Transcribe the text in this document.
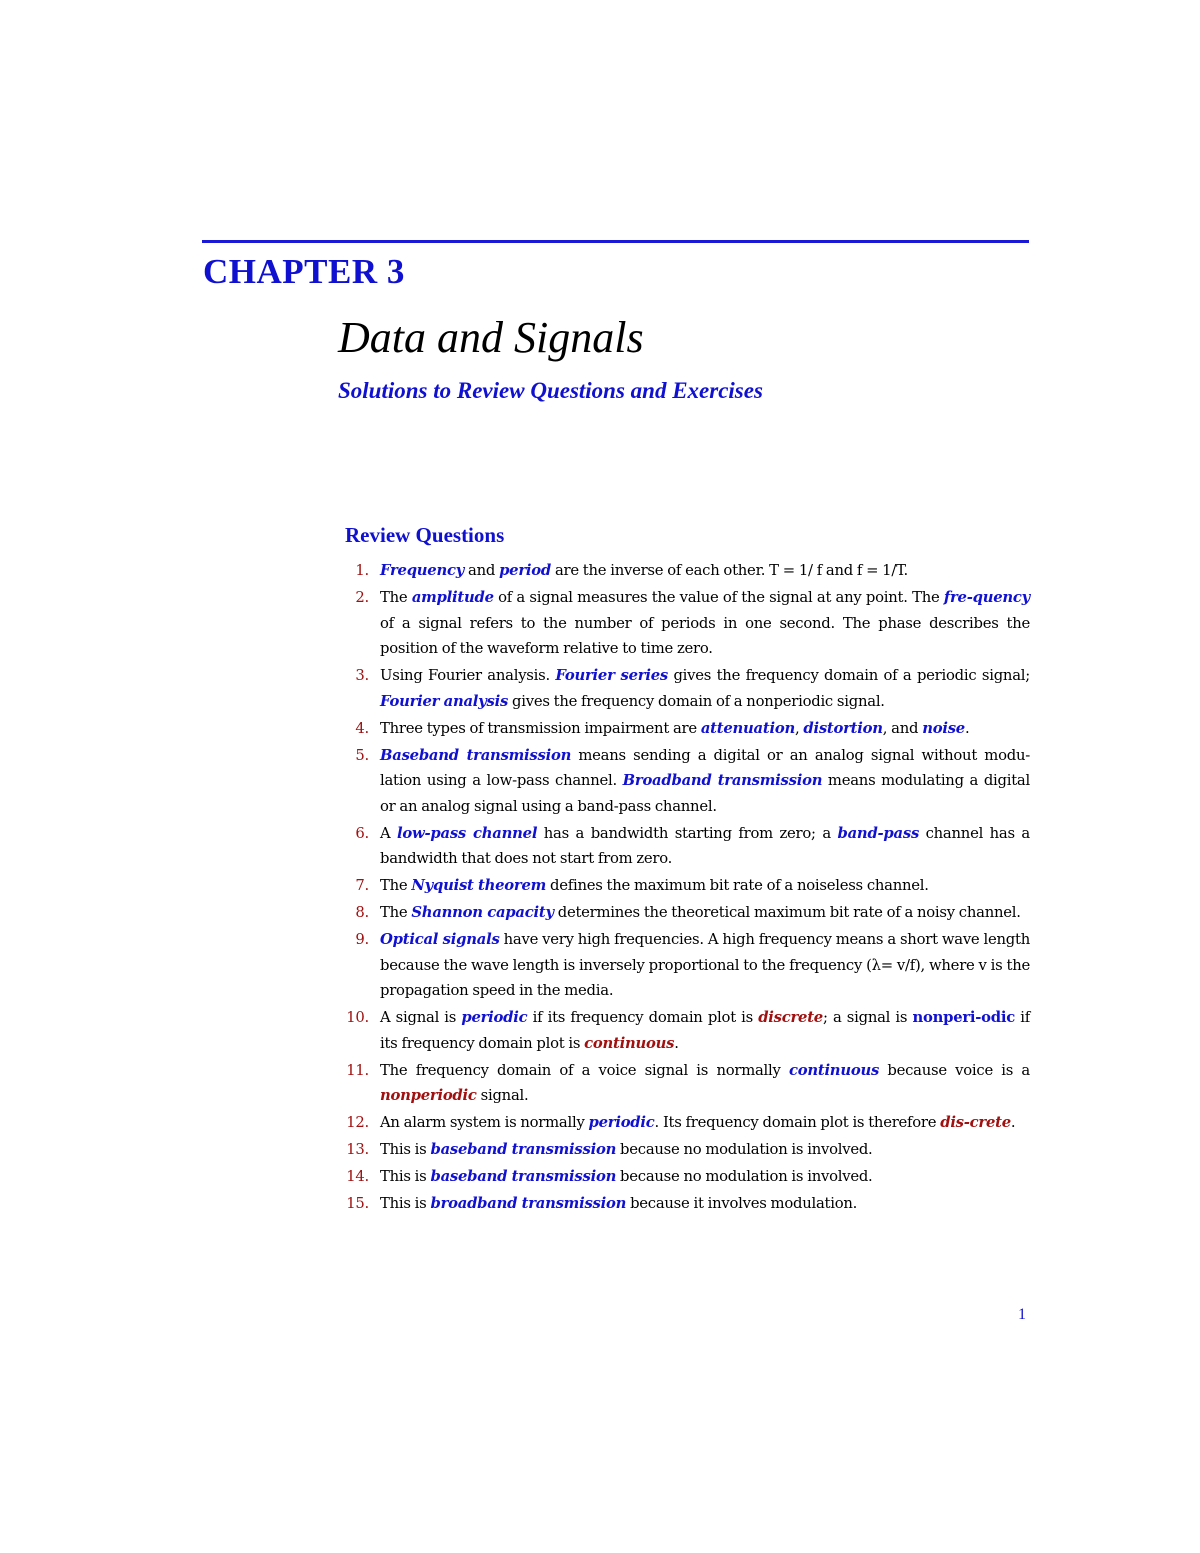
CHAPTER 3
Data and Signals
Solutions to Review Questions and Exercises
Review Questions
1. Frequency and period are the inverse of each other. T = 1/ f and f = 1/T.
2. The amplitude of a signal measures the value of the signal at any point. The fre-quency of a signal refers to the number of periods in one second. The phase describes the position of the waveform relative to time zero.
3. Using Fourier analysis. Fourier series gives the frequency domain of a periodic signal; Fourier analysis gives the frequency domain of a nonperiodic signal.
4. Three types of transmission impairment are attenuation, distortion, and noise.
5. Baseband transmission means sending a digital or an analog signal without modu-lation using a low-pass channel. Broadband transmission means modulating a digital or an analog signal using a band-pass channel.
6. A low-pass channel has a bandwidth starting from zero; a band-pass channel has a bandwidth that does not start from zero.
7. The Nyquist theorem defines the maximum bit rate of a noiseless channel.
8. The Shannon capacity determines the theoretical maximum bit rate of a noisy channel.
9. Optical signals have very high frequencies. A high frequency means a short wave length because the wave length is inversely proportional to the frequency (λ= v/f), where v is the propagation speed in the media.
10. A signal is periodic if its frequency domain plot is discrete; a signal is nonperi-odic if its frequency domain plot is continuous.
11. The frequency domain of a voice signal is normally continuous because voice is a nonperiodic signal.
12. An alarm system is normally periodic. Its frequency domain plot is therefore dis-crete.
13. This is baseband transmission because no modulation is involved.
14. This is baseband transmission because no modulation is involved.
15. This is broadband transmission because it involves modulation.
1
